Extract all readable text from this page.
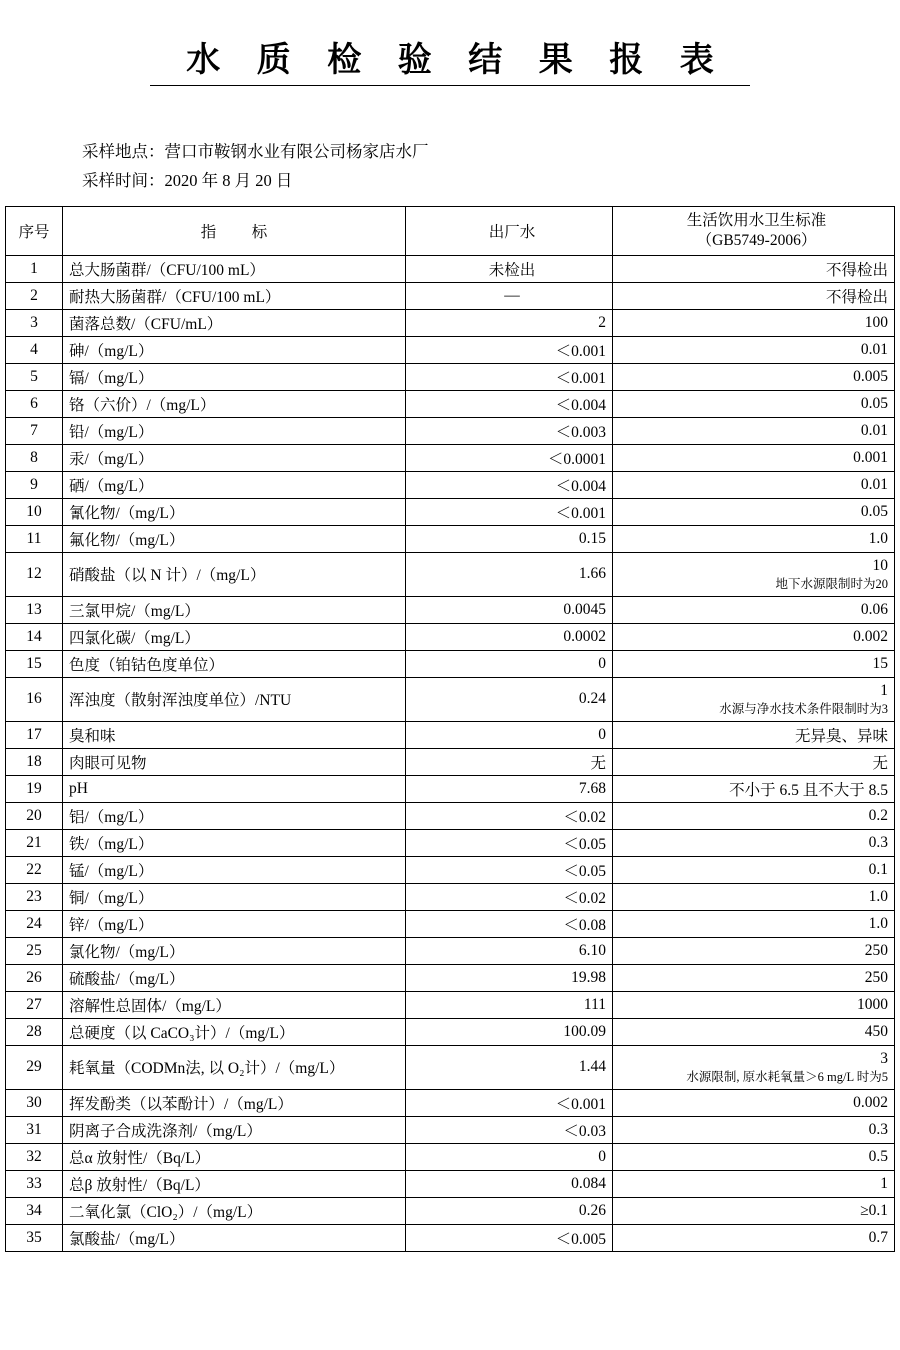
水 质 检 验 结 果 报 表
采样地点：营口市鞍钢水业有限公司杨家店水厂
采样时间：2020 年 8 月 20 日
序号	指　标	出厂水	生活饮用水卫生标准
（GB5749-2006）

1	总大肠菌群/（CFU/100 mL）	未检出	不得检出
2	耐热大肠菌群/（CFU/100 mL）	—	不得检出
3	菌落总数/（CFU/mL）	2	100
4	砷/（mg/L）	＜0.001	0.01
5	镉/（mg/L）	＜0.001	0.005
6	铬（六价）/（mg/L）	＜0.004	0.05
7	铅/（mg/L）	＜0.003	0.01
8	汞/（mg/L）	＜0.0001	0.001
9	硒/（mg/L）	＜0.004	0.01
10	氰化物/（mg/L）	＜0.001	0.05
11	氟化物/（mg/L）	0.15	1.0
12	硝酸盐（以 N 计）/（mg/L）	1.66	10
地下水源限制时为20

13	三氯甲烷/（mg/L）	0.0045	0.06
14	四氯化碳/（mg/L）	0.0002	0.002
15	色度（铂钴色度单位）	0	15
16	浑浊度（散射浑浊度单位）/NTU	0.24	1
水源与净水技术条件限制时为3

17	臭和味	0	无异臭、异味
18	肉眼可见物	无	无
19	pH	7.68	不小于 6.5 且不大于 8.5
20	铝/（mg/L）	＜0.02	0.2
21	铁/（mg/L）	＜0.05	0.3
22	锰/（mg/L）	＜0.05	0.1
23	铜/（mg/L）	＜0.02	1.0
24	锌/（mg/L）	＜0.08	1.0
25	氯化物/（mg/L）	6.10	250
26	硫酸盐/（mg/L）	19.98	250
27	溶解性总固体/（mg/L）	111	1000
28	总硬度（以 CaCO₃计）/（mg/L）	100.09	450
29	耗氧量（CODMn法, 以 O₂计）/（mg/L）	1.44	3
水源限制, 原水耗氧量＞6 mg/L 时为5

30	挥发酚类（以苯酚计）/（mg/L）	＜0.001	0.002
31	阴离子合成洗涤剂/（mg/L）	＜0.03	0.3
32	总α 放射性/（Bq/L）	0	0.5
33	总β 放射性/（Bq/L）	0.084	1
34	二氧化氯（ClO₂）/（mg/L）	0.26	≥0.1
35	氯酸盐/（mg/L）	＜0.005	0.7
